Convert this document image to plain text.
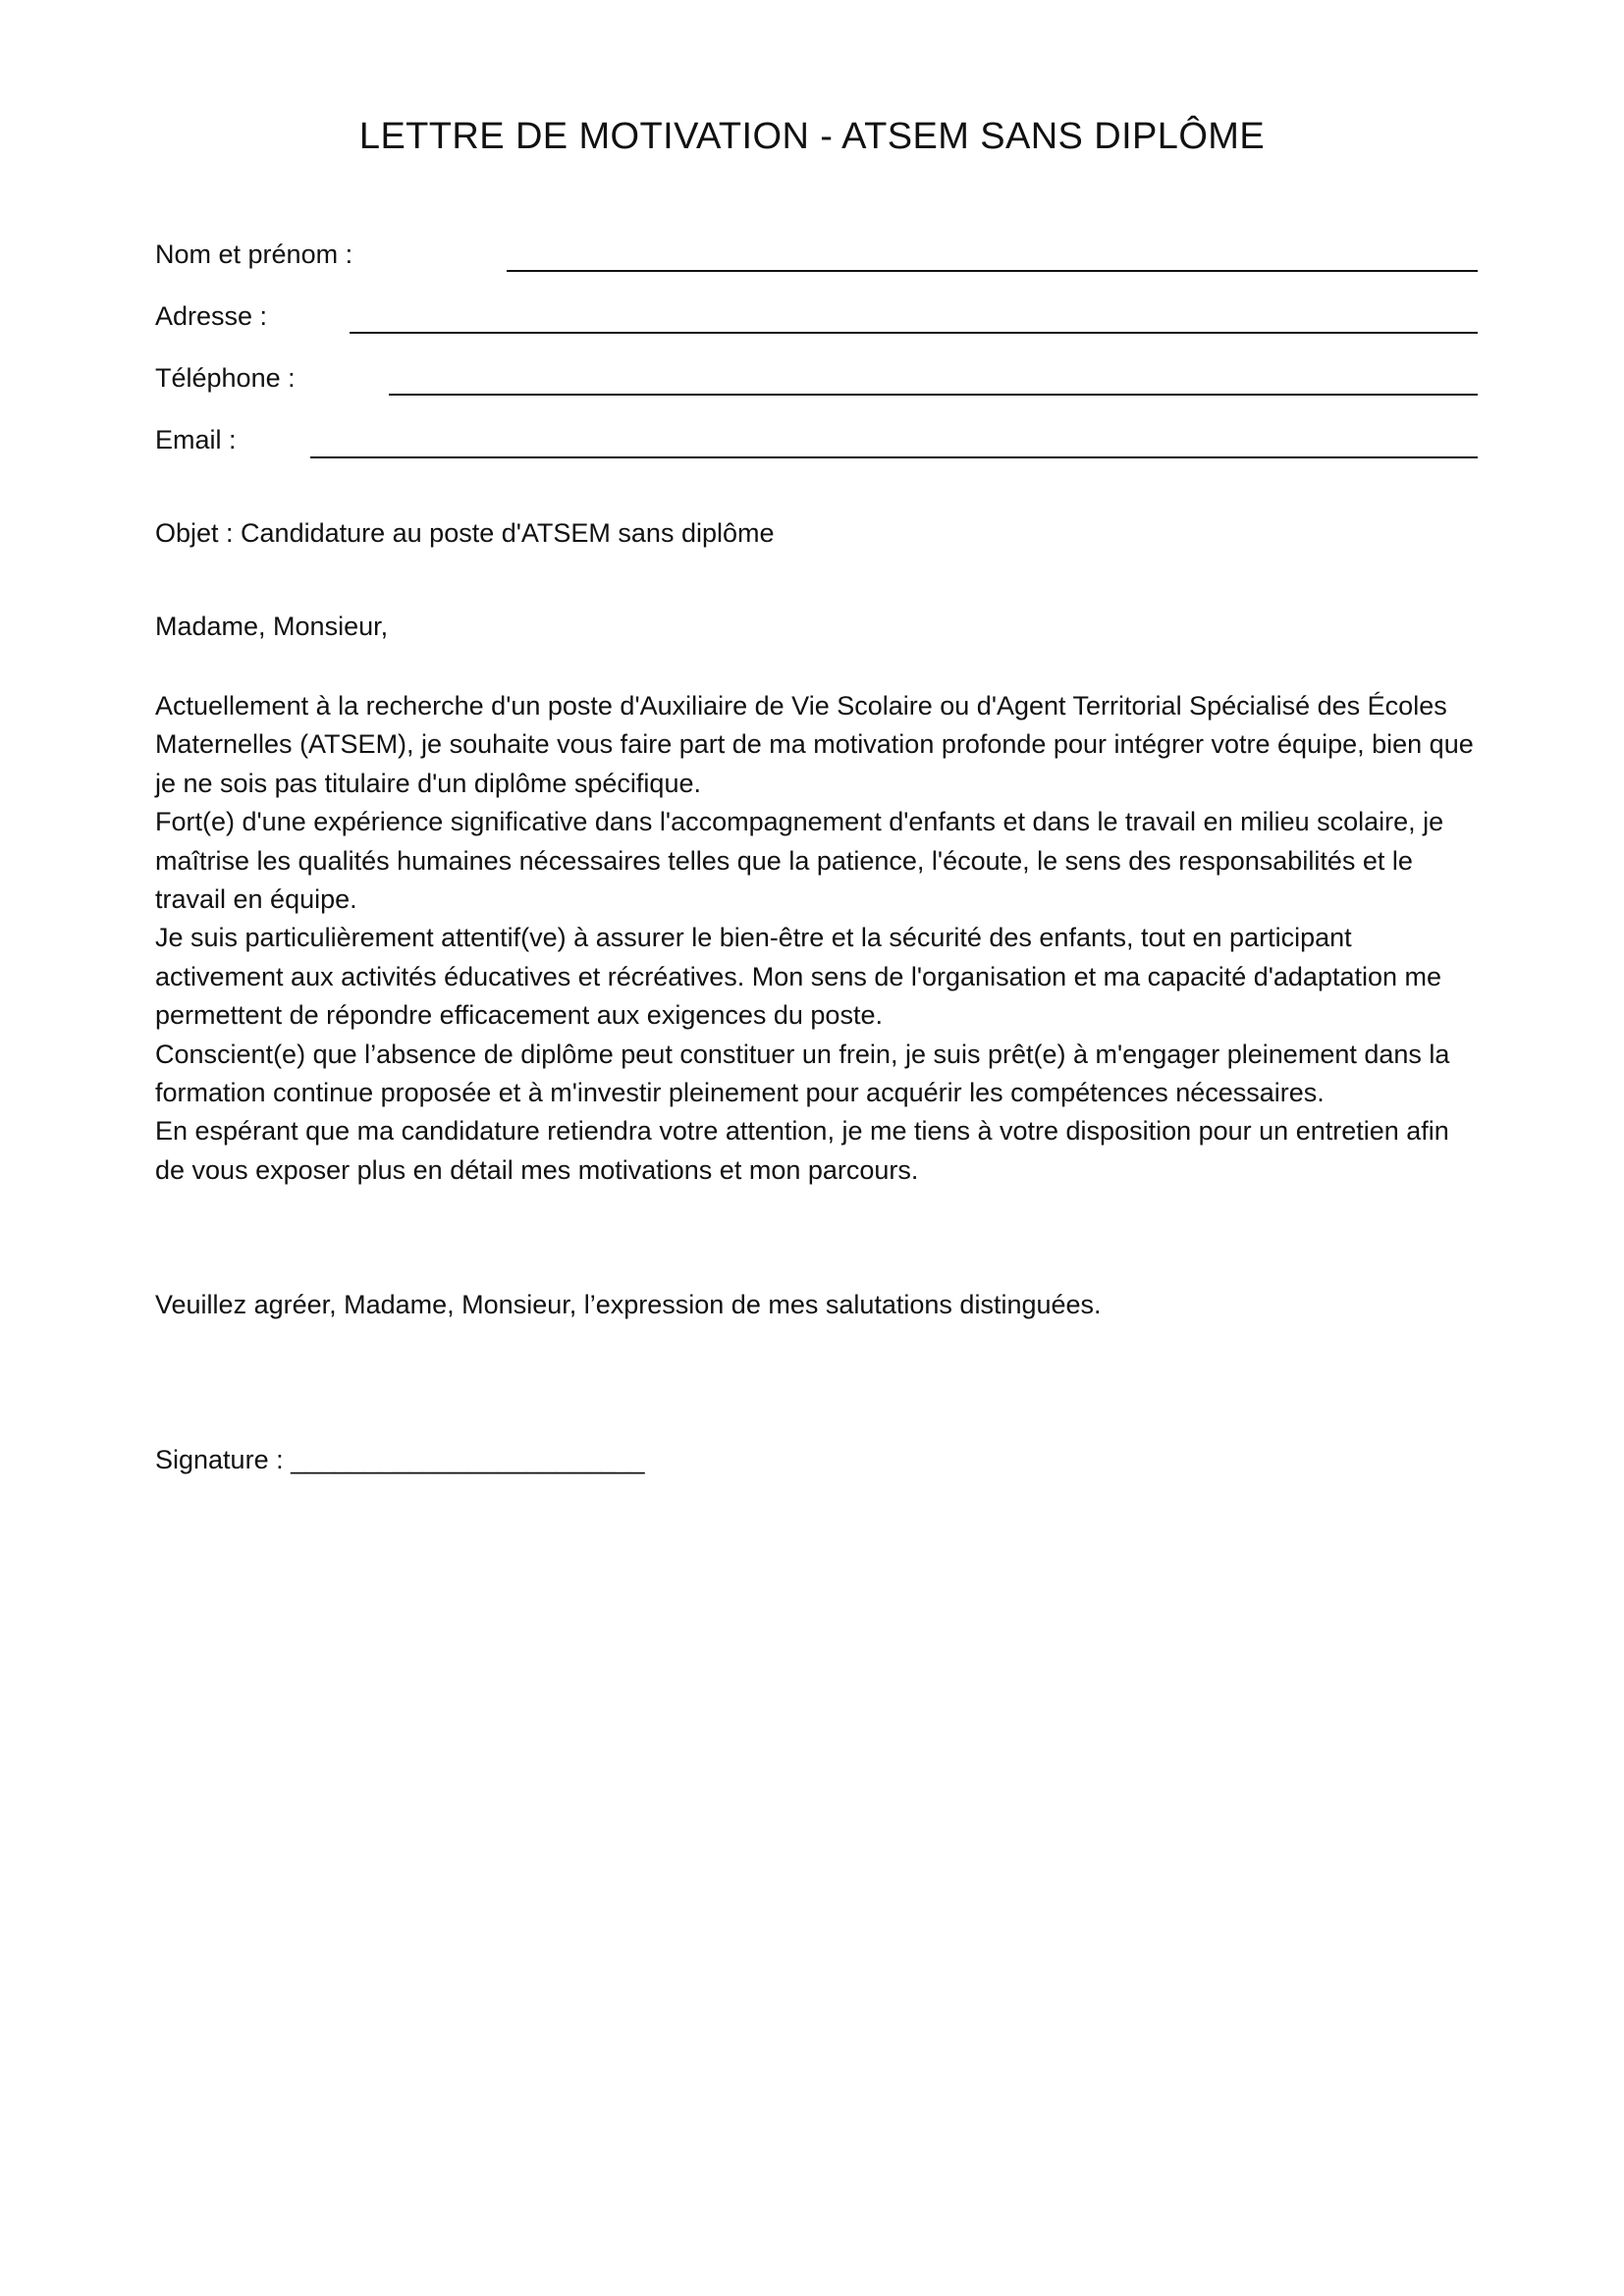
LETTRE DE MOTIVATION - ATSEM SANS DIPLÔME
Nom et prénom :
Adresse :
Téléphone :
Email :
Objet : Candidature au poste d'ATSEM sans diplôme
Madame, Monsieur,

Actuellement à la recherche d'un poste d'Auxiliaire de Vie Scolaire ou d'Agent Territorial Spécialisé des Écoles Maternelles (ATSEM), je souhaite vous faire part de ma motivation profonde pour intégrer votre équipe, bien que je ne sois pas titulaire d'un diplôme spécifique.

Fort(e) d'une expérience significative dans l'accompagnement d'enfants et dans le travail en milieu scolaire, je maîtrise les qualités humaines nécessaires telles que la patience, l'écoute, le sens des responsabilités et le travail en équipe.

Je suis particulièrement attentif(ve) à assurer le bien-être et la sécurité des enfants, tout en participant activement aux activités éducatives et récréatives. Mon sens de l'organisation et ma capacité d'adaptation me permettent de répondre efficacement aux exigences du poste.

Conscient(e) que l’absence de diplôme peut constituer un frein, je suis prêt(e) à m'engager pleinement dans la formation continue proposée et à m'investir pleinement pour acquérir les compétences nécessaires.

En espérant que ma candidature retiendra votre attention, je me tiens à votre disposition pour un entretien afin de vous exposer plus en détail mes motivations et mon parcours.

Veuillez agréer, Madame, Monsieur, l’expression de mes salutations distinguées.
Signature : ________________________
